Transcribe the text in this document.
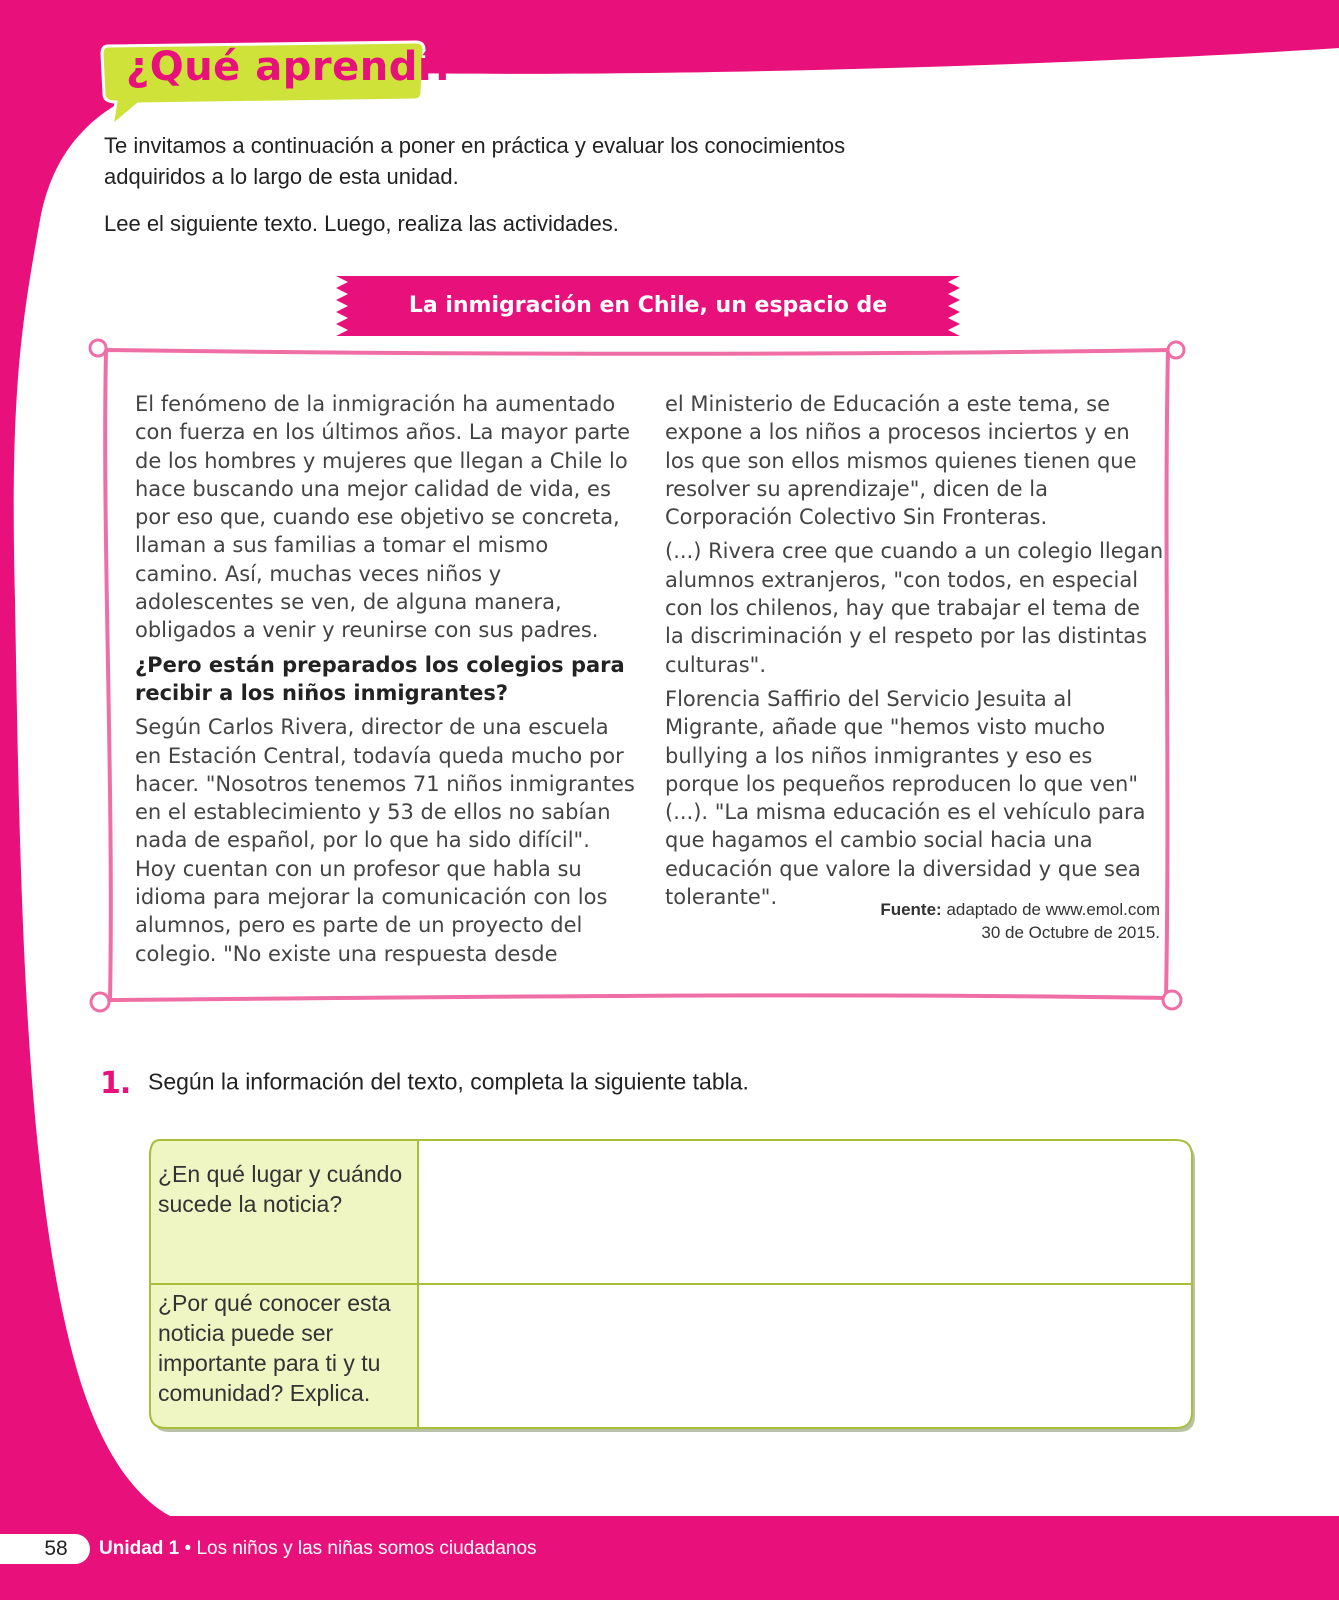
¿Qué aprendí?

Te invitamos a continuación a poner en práctica y evaluar los conocimientos adquiridos a lo largo de esta unidad.

Lee el siguiente texto. Luego, realiza las actividades.

La inmigración en Chile, un espacio de

El fenómeno de la inmigración ha aumentado con fuerza en los últimos años. La mayor parte de los hombres y mujeres que llegan a Chile lo hace buscando una mejor calidad de vida, es por eso que, cuando ese objetivo se concreta, llaman a sus familias a tomar el mismo camino. Así, muchas veces niños y adolescentes se ven, de alguna manera, obligados a venir y reunirse con sus padres.

¿Pero están preparados los colegios para recibir a los niños inmigrantes?

Según Carlos Rivera, director de una escuela en Estación Central, todavía queda mucho por hacer. "Nosotros tenemos 71 niños inmigrantes en el establecimiento y 53 de ellos no sabían nada de español, por lo que ha sido difícil". Hoy cuentan con un profesor que habla su idioma para mejorar la comunicación con los alumnos, pero es parte de un proyecto del colegio. "No existe una respuesta desde

el Ministerio de Educación a este tema, se expone a los niños a procesos inciertos y en los que son ellos mismos quienes tienen que resolver su aprendizaje", dicen de la Corporación Colectivo Sin Fronteras.

(...) Rivera cree que cuando a un colegio llegan alumnos extranjeros, "con todos, en especial con los chilenos, hay que trabajar el tema de la discriminación y el respeto por las distintas culturas".

Florencia Saffirio del Servicio Jesuita al Migrante, añade que "hemos visto mucho bullying a los niños inmigrantes y eso es porque los pequeños reproducen lo que ven" (...). "La misma educación es el vehículo para que hagamos el cambio social hacia una educación que valore la diversidad y que sea tolerante".

Fuente: adaptado de www.emol.com
30 de Octubre de 2015.
1. Según la información del texto, completa la siguiente tabla.
¿En qué lugar y cuándo sucede la noticia?
¿Por qué conocer esta noticia puede ser importante para ti y tu comunidad? Explica.
58	Unidad 1 • Los niños y las niñas somos ciudadanos
